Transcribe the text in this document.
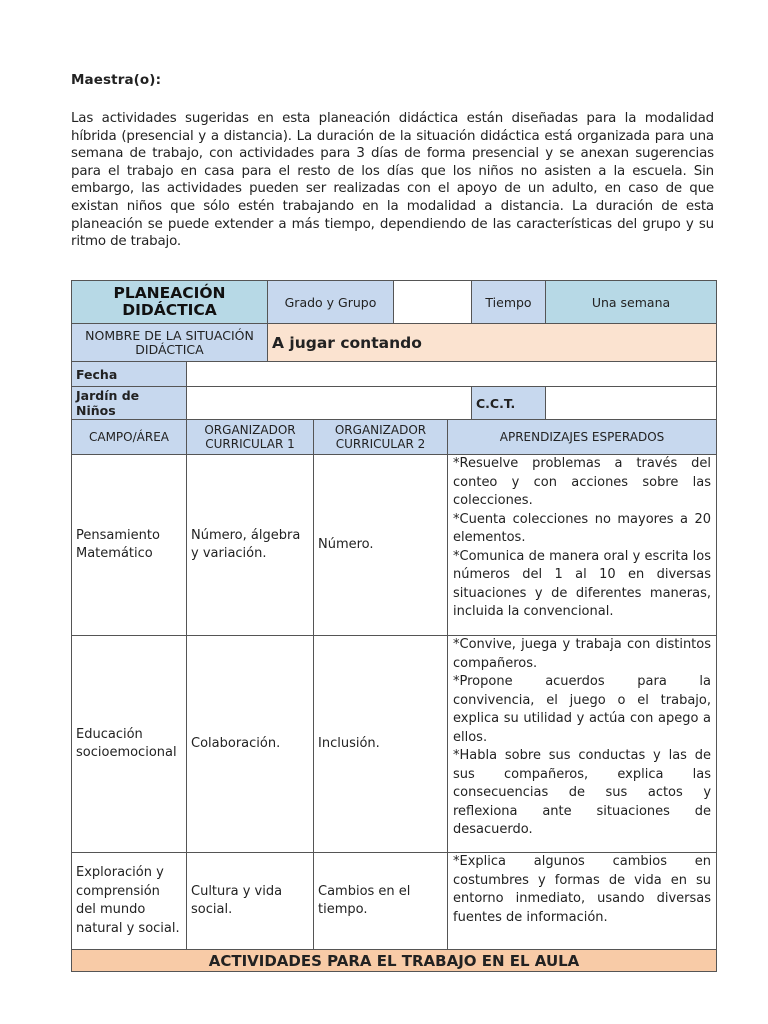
Maestra(o):

Las actividades sugeridas en esta planeación didáctica están diseñadas para la modalidad híbrida (presencial y a distancia). La duración de la situación didáctica está organizada para una semana de trabajo, con actividades para 3 días de forma presencial y se anexan sugerencias para el trabajo en casa para el resto de los días que los niños no asisten a la escuela. Sin embargo, las actividades pueden ser realizadas con el apoyo de un adulto, en caso de que existan niños que sólo estén trabajando en la modalidad a distancia. La duración de esta planeación se puede extender a más tiempo, dependiendo de las características del grupo y su ritmo de trabajo.

PLANEACIÓN DIDÁCTICA		Grado y Grupo				Tiempo	Una semana
NOMBRE DE LA SITUACIÓN DIDÁCTICA		A jugar contando					
Fecha							
Jardín de Niños						C.C.T.	
CAMPO/ÁREA	ORGANIZADOR CURRICULAR 1		ORGANIZADOR CURRICULAR 2		APRENDIZAJES ESPERADOS		
Pensamiento Matemático	Número, álgebra y variación.		Número.		*Resuelve problemas a través del conteo y con acciones sobre las colecciones.
*Cuenta colecciones no mayores a 20 elementos.
*Comunica de manera oral y escrita los números del 1 al 10 en diversas situaciones y de diferentes maneras, incluida la convencional.		

Educación socioemocional	Colaboración.		Inclusión.		*Convive, juega y trabaja con distintos compañeros.
*Propone acuerdos para la convivencia, el juego o el trabajo, explica su utilidad y actúa con apego a ellos.
*Habla sobre sus conductas y las de sus compañeros, explica las consecuencias de sus actos y reflexiona ante situaciones de desacuerdo.		

Exploración y comprensión del mundo natural y social.	Cultura y vida social.		Cambios en el tiempo.		*Explica algunos cambios en costumbres y formas de vida en su entorno inmediato, usando diversas fuentes de información.		

ACTIVIDADES PARA EL TRABAJO EN EL AULA							
